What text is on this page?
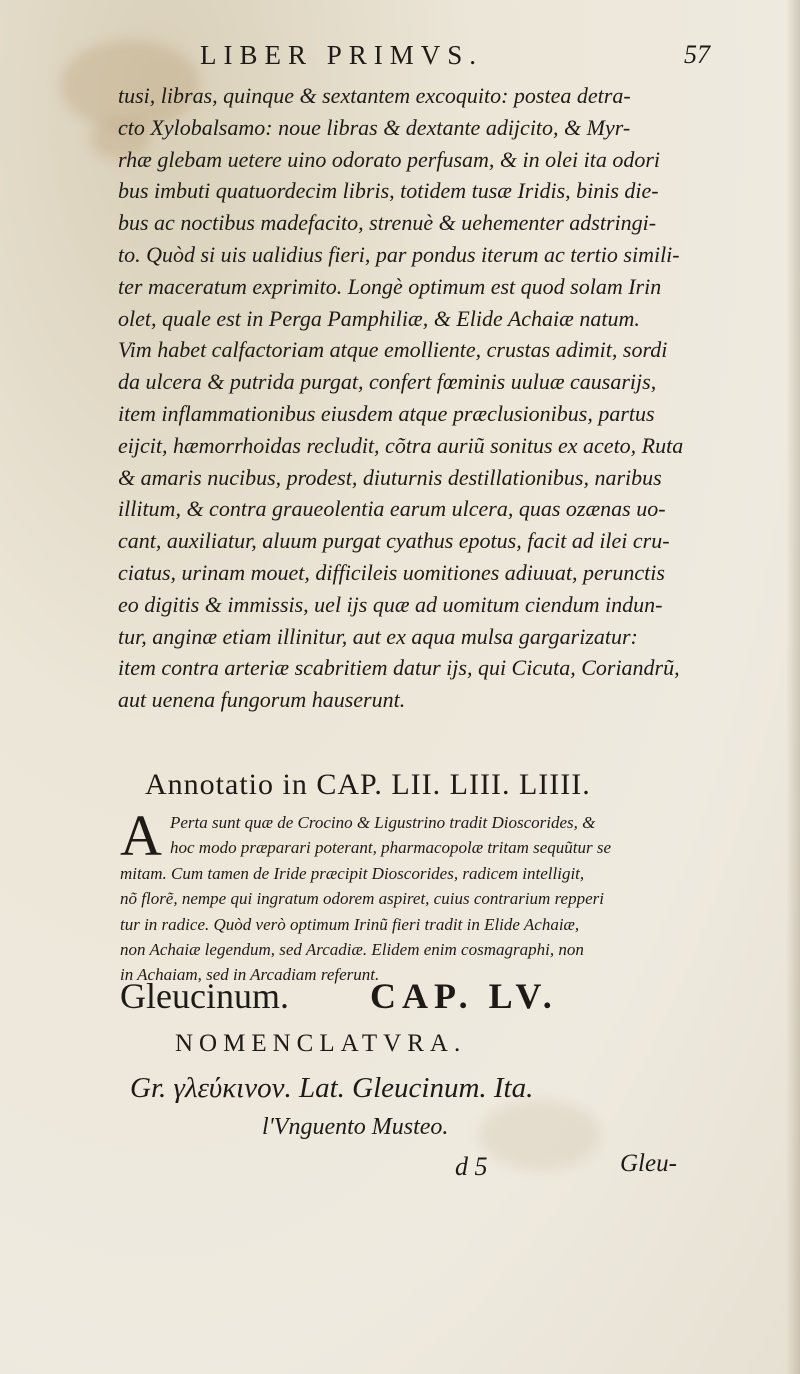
LIBER PRIMVS.	57
tusi, libras, quinque & sextantem excoquito: postea detra-
cto Xylobalsamo: noue libras & dextante adijcito, & Myr-
rhæ glebam uetere uino odorato perfusam, & in olei ita odori
bus imbuti quatuordecim libris, totidem tusæ Iridis, binis die-
bus ac noctibus madefacito, strenuè & uehementer adstringi-
to. Quòd si uis ualidius fieri, par pondus iterum ac tertio simili-
ter maceratum exprimito. Longè optimum est quod solam Irin
olet, quale est in Perga Pamphiliæ, & Elide Achaiæ natum.
Vim habet calfactoriam atque emolliente, crustas adimit, sordi
da ulcera & putrida purgat, confert fœminis uuluæ causarijs,
item inflammationibus eiusdem atque præclusionibus, partus
eijcit, hæmorrhoidas recludit, cõtra auriũ sonitus ex aceto, Ruta
& amaris nucibus, prodest, diuturnis destillationibus, naribus
illitum, & contra graueolentia earum ulcera, quas ozænas uo-
cant, auxiliatur, aluum purgat cyathus epotus, facit ad ilei cru-
ciatus, urinam mouet, difficileis uomitiones adiuuat, perunctis
eo digitis & immissis, uel ijs quæ ad uomitum ciendum indun-
tur, anginæ etiam illinitur, aut ex aqua mulsa gargarizatur:
item contra arteriæ scabritiem datur ijs, qui Cicuta, Coriandrũ,
aut uenena fungorum hauserunt.
Annotatio in CAP. LII. LIII. LIIII.
A Perta sunt quæ de Crocino & Ligustrino tradit Dioscorides, &
hoc modo præparari poterant, pharmacopolæ tritam sequũtur se
mitam. Cum tamen de Iride præcipit Dioscorides, radicem intelligit,
nõ florẽ, nempe qui ingratum odorem aspiret, cuius contrarium repperi
tur in radice. Quòd verò optimum Irinũ fieri tradit in Elide Achaiæ,
non Achaiæ legendum, sed Arcadiæ. Elidem enim cosmagraphi, non
in Achaiam, sed in Arcadiam referunt.
Gleucinum. CAP. LV.
NOMENCLATVRA.
Gr. γλεύκινον. Lat. Gleucinum. Ita.
l'Vnguento Musteo.
d 5	Gleu-
